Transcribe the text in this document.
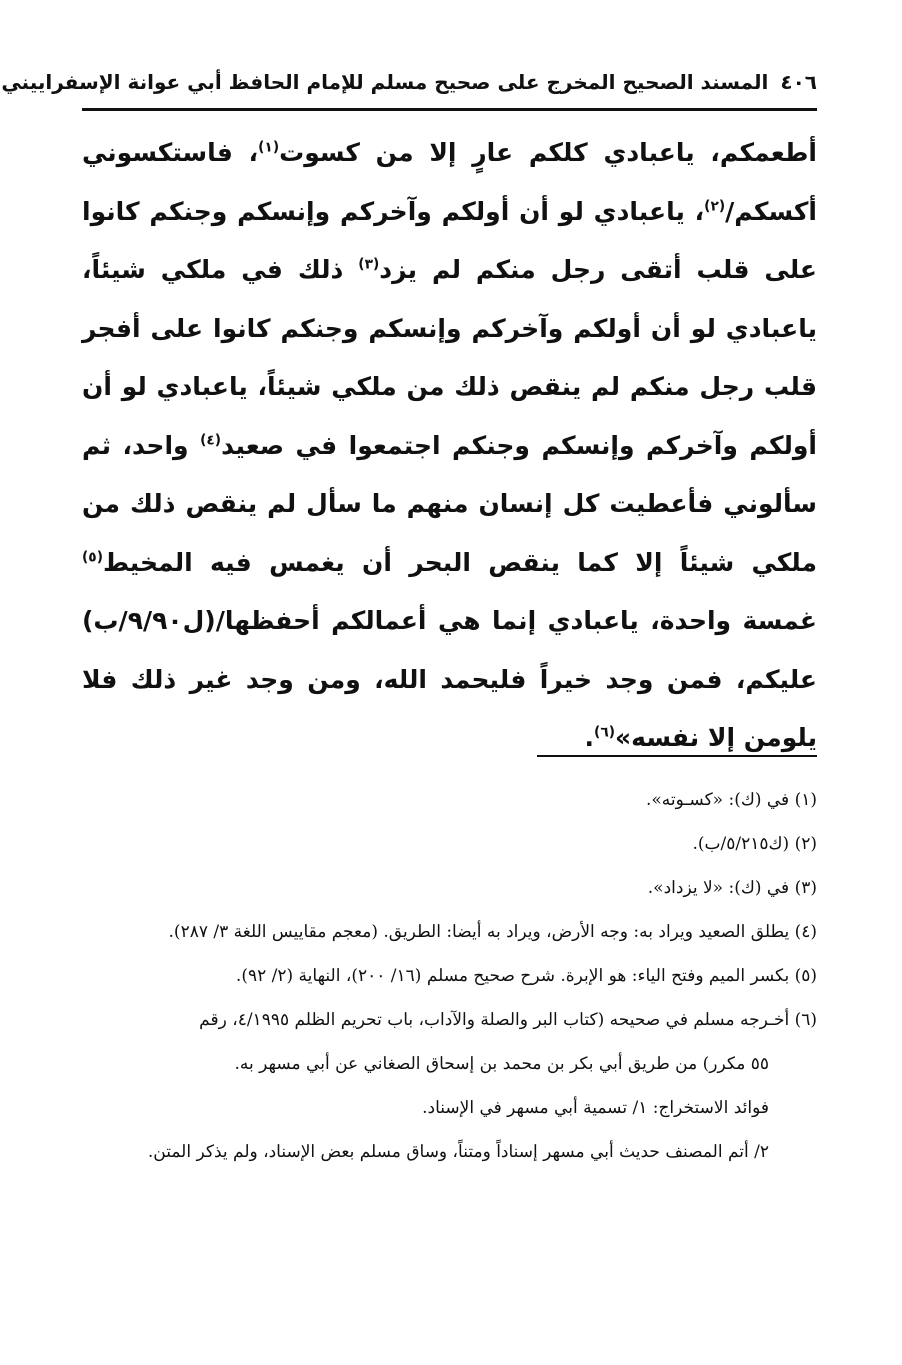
٤٠٦
المسند الصحيح المخرج على صحيح مسلم للإمام الحافظ أبي عوانة الإسفراييني

أطعمكم، ياعبادي كلكم عارٍ إلا من كسوت$^{(١)}$، فاستكسوني أكسكم/$^{(٢)}$، ياعبادي لو أن أولكم وآخركم وإنسكم وجنكم كانوا على قلب أتقى رجل منكم لم يزد$^{(٣)}$ ذلك في ملكي شيئاً، ياعبادي لو أن أولكم وآخركم وإنسكم وجنكم كانوا على أفجر قلب رجل منكم لم ينقص ذلك من ملكي شيئاً، ياعبادي لو أن أولكم وآخركم وإنسكم وجنكم اجتمعوا في صعيد$^{(٤)}$ واحد، ثم سألوني فأعطيت كل إنسان منهم ما سأل لم ينقص ذلك من ملكي شيئاً إلا كما ينقص البحر أن يغمس فيه المخيط$^{(٥)}$ غمسة واحدة، ياعبادي إنما هي أعمالكم أحفظها/(ل٩/٩٠/ب) عليكم، فمن وجد خيراً فليحمد الله، ومن وجد غير ذلك فلا يلومن إلا نفسه»$^{(٦)}$.

(١) في (ك): «كسـوته».

(٢) (ك٥/٢١٥/ب).

(٣) في (ك): «لا يزداد».

(٤) يطلق الصعيد ويراد به: وجه الأرض، ويراد به أيضا: الطريق. (معجم مقاييس اللغة ٣/ ٢٨٧).

(٥) بكسر الميم وفتح الياء: هو الإبرة. شرح صحيح مسلم (١٦/ ٢٠٠)، النهاية (٢/ ٩٢).

(٦) أخـرجه مسلم في صحيحه (كتاب البر والصلة والآداب، باب تحريم الظلم ٤/١٩٩٥، رقم

٥٥ مكرر) من طريق أبي بكر بن محمد بن إسحاق الصغاني عن أبي مسهر به.

فوائد الاستخراج: ١/ تسمية أبي مسهر في الإسناد.

٢/ أتم المصنف حديث أبي مسهر إسناداً ومتناً، وساق مسلم بعض الإسناد، ولم يذكر المتن.
